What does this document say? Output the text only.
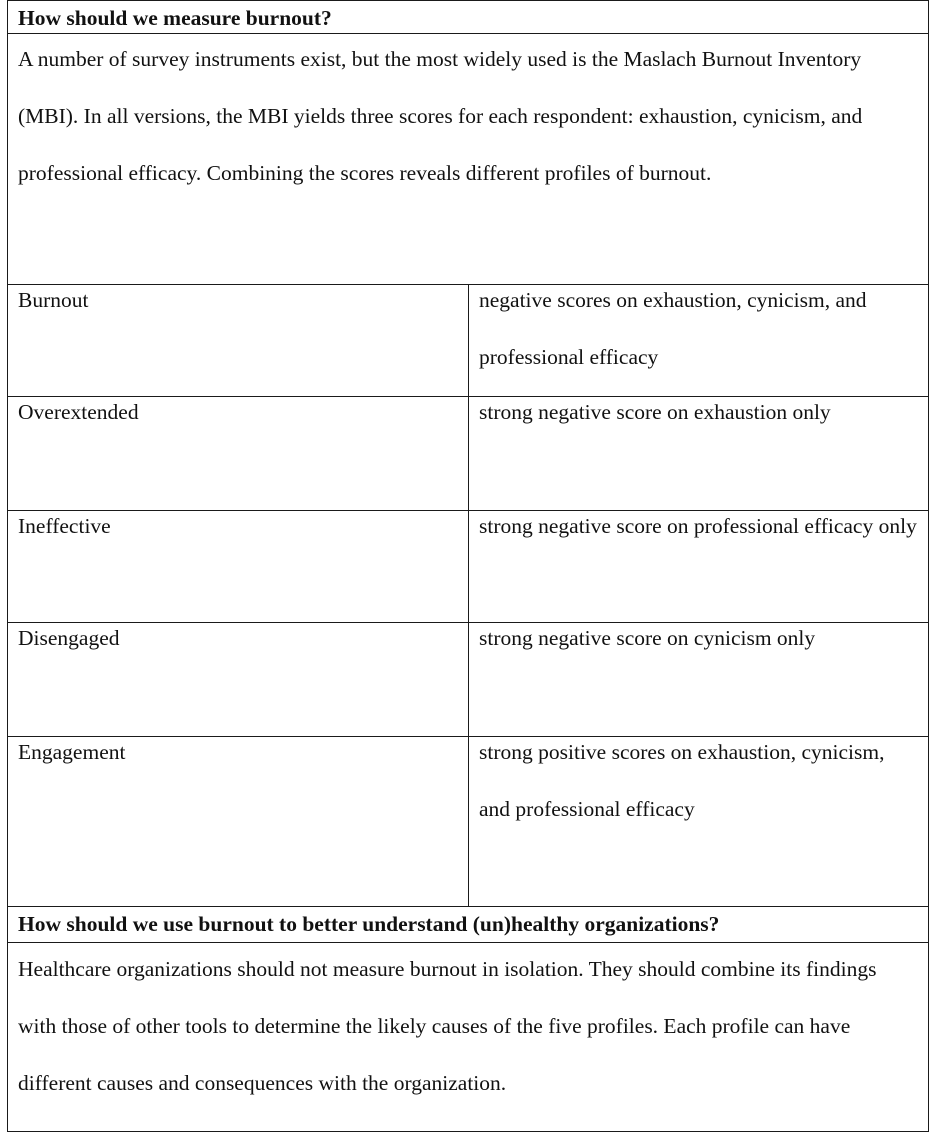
How should we measure burnout?

A number of survey instruments exist, but the most widely used is the Maslach Burnout Inventory (MBI). In all versions, the MBI yields three scores for each respondent: exhaustion, cynicism, and professional efficacy. Combining the scores reveals different profiles of burnout.

Burnout	negative scores on exhaustion, cynicism, and professional efficacy
Overextended	strong negative score on exhaustion only
Ineffective	strong negative score on professional efficacy only
Disengaged	strong negative score on cynicism only
Engagement	strong positive scores on exhaustion, cynicism, and professional efficacy
How should we use burnout to better understand (un)healthy organizations?

Healthcare organizations should not measure burnout in isolation. They should combine its findings with those of other tools to determine the likely causes of the five profiles. Each profile can have different causes and consequences with the organization.
